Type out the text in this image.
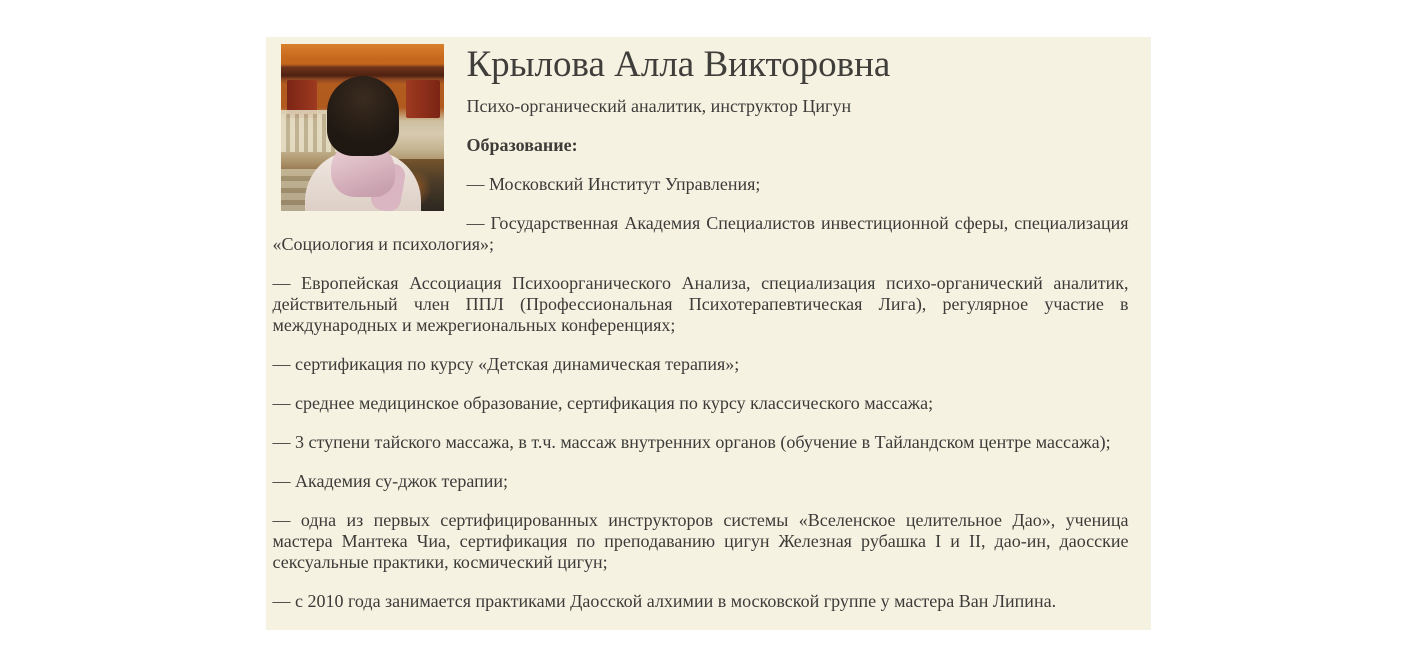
Крылова Алла Викторовна

Психо-органический аналитик, инструктор Цигун

Образование:

— Московский Институт Управления;

— Государственная Академия Специалистов инвестиционной сферы, специализация «Социология и психология»;

— Европейская Ассоциация Психоорганического Анализа, специализация психо-органический аналитик, действительный член ППЛ (Профессиональная Психотерапевтическая Лига), регулярное участие в международных и межрегиональных конференциях;

— сертификация по курсу «Детская динамическая терапия»;

— среднее медицинское образование, сертификация по курсу классического массажа;

— 3 ступени тайского массажа, в т.ч. массаж внутренних органов (обучение в Тайландском центре массажа);

— Академия су-джок терапии;

— одна из первых сертифицированных инструкторов системы «Вселенское целительное Дао», ученица мастера Мантека Чиа, сертификация по преподаванию цигун Железная рубашка I и II, дао-ин, даосские сексуальные практики, космический цигун;

— с 2010 года занимается практиками Даосской алхимии в московской группе у мастера Ван Липина.
